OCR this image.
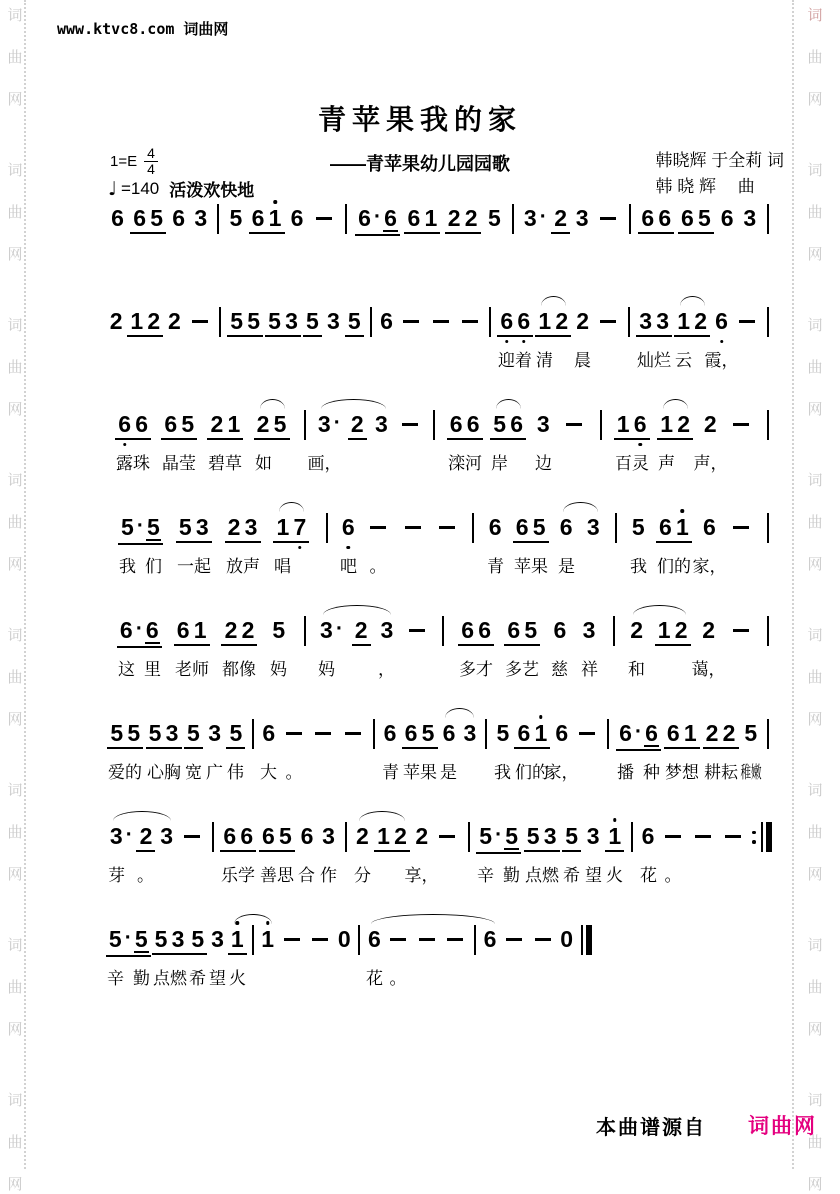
词
曲
网
词
曲
网
词
曲
网
词
曲
网
词
曲
网
词
曲
网
词
曲
网
词
曲
网
词
曲
网
词
曲
网
词
曲
网
词
曲
网
词
曲
网
词
曲
网
词
曲
网
词
曲
网
www.ktvc8.com 词曲网
青苹果我的家
——青苹果幼儿园园歌	韩晓辉 于全莉 词
韩 晓 辉　 曲
$1=E \frac{4}{4}$
♩ =140 活泼欢快地
6 6 5 6 3 5 6 1 6 6 · 6 6 1 2 2 5 3 · 2 3 6 6 6 5 6 3
2 1 2 2 5 5 5 3 5 3 5 6	6 6 1 2 2 3 3 1 2 6
迎 着 清 晨	灿 烂 云 霞，
6 6 6 5 2 1 2 5 3 · 2 3	6 6 5 6 3	1 6 1 2 2
露 珠 晶 莹 碧 草 如 画，	滦 河 岸 边	百 灵 声 声，
5 · 5 5 3 2 3 1 7 6	6 6 5 6 3 5 6 1 6
我 们 一 起 放 声 唱	吧 。	青 苹 果 是	我 们 的 家，
6 · 6 6 1 2 2 5 3 · 2 3	6 6 6 5 6 3 2 1 2 2
这 里 老 师 都 像 妈 妈	，	多 才 多 艺 慈 祥 和	蔼，
5 5 5 3 5 3 5 6	6 6 5 6 3 5 6 1 6 6 · 6 6 1 2 2 5
爱 的 心 胸 宽 广 伟 大 。	青 苹 果 是 我 们 的
家， 播 种 梦 想 耕 耘 稚嫩
3 · 2 3 6 6 6 5 6 3 2 1 2 2 5 · 5 5 3 5 3 1 6
芽 。	乐 学 善 思 合 作 分 享， 辛 勤 点 燃 希 望 火 花 。
5 · 5 5 3 5 3 1 1	0 6	6	0
辛 勤 点 燃 希 望 火	花 。
本曲谱源自 词曲网
